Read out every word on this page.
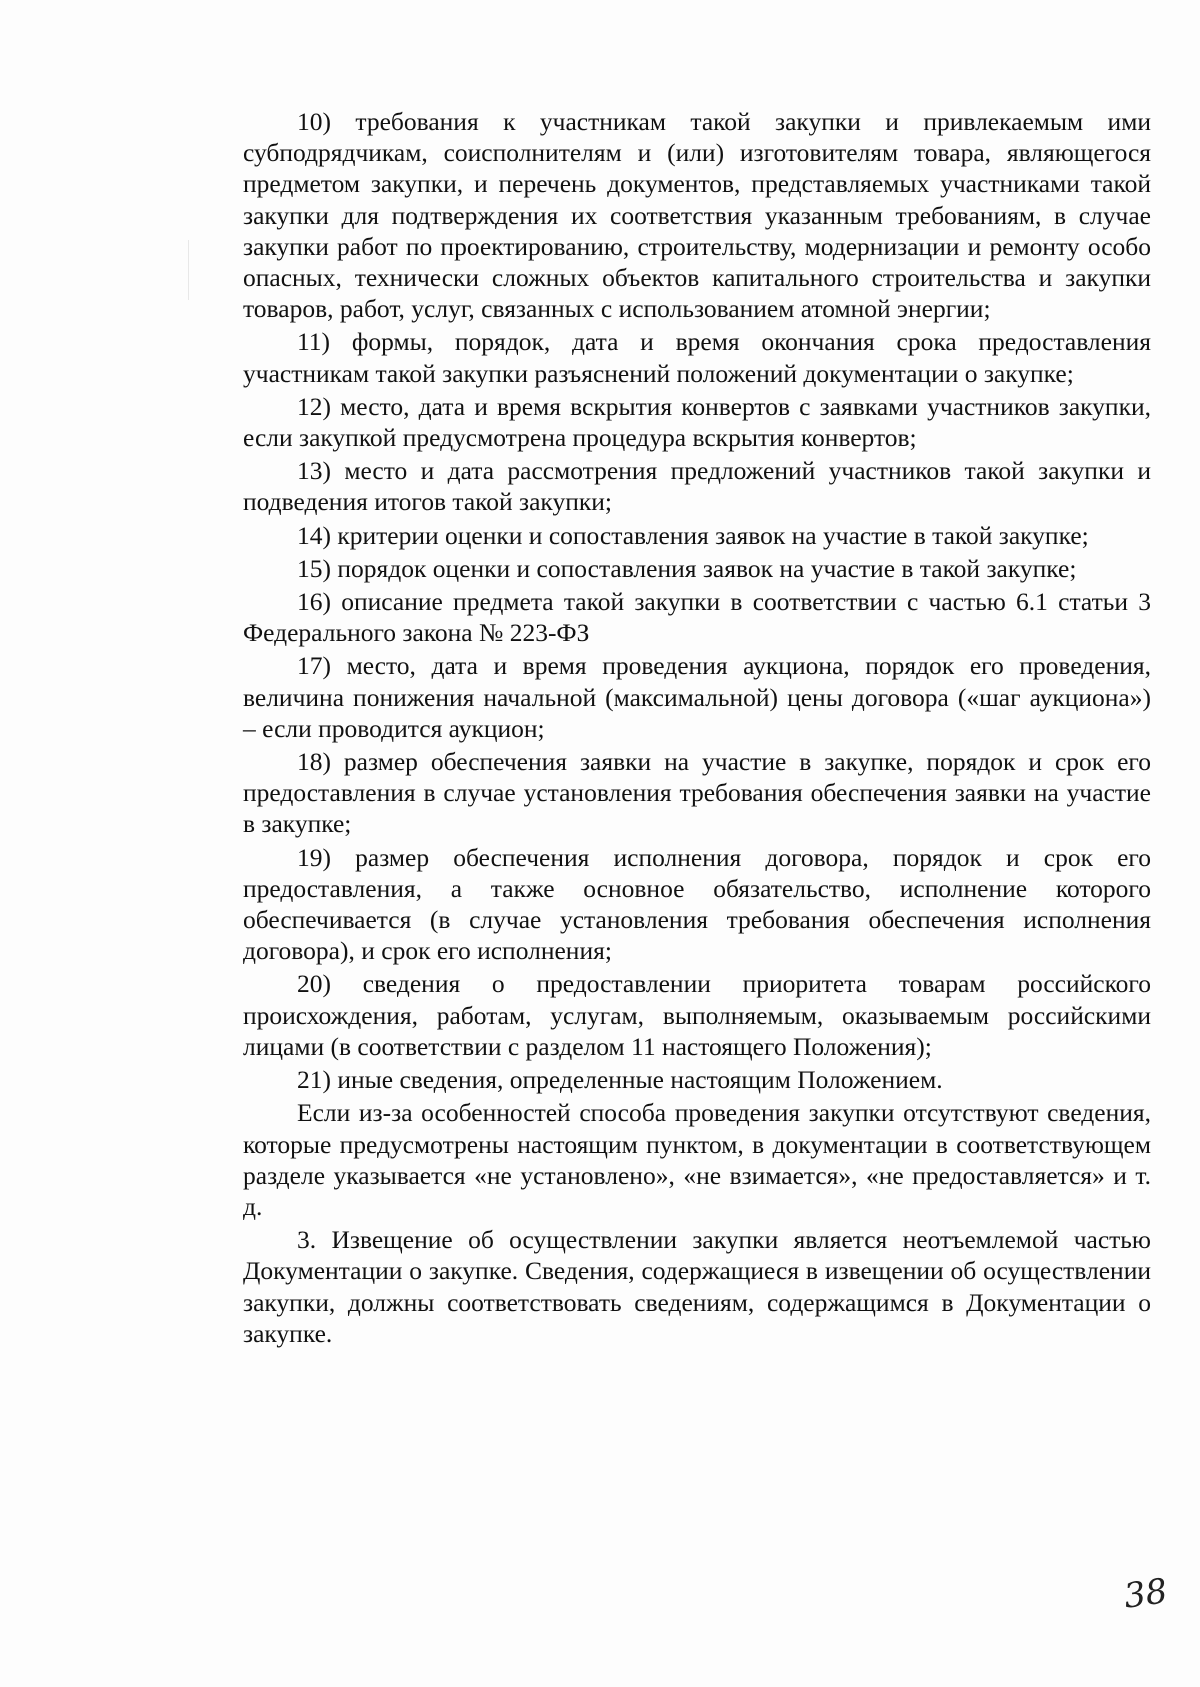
10) требования к участникам такой закупки и привлекаемым ими субподрядчикам, соисполнителям и (или) изготовителям товара, являющегося предметом закупки, и перечень документов, представляемых участниками такой закупки для подтверждения их соответствия указанным требованиям, в случае закупки работ по проектированию, строительству, модернизации и ремонту особо опасных, технически сложных объектов капитального строительства и закупки товаров, работ, услуг, связанных с использованием атомной энергии;

11) формы, порядок, дата и время окончания срока предоставления участникам такой закупки разъяснений положений документации о закупке;

12) место, дата и время вскрытия конвертов с заявками участников закупки, если закупкой предусмотрена процедура вскрытия конвертов;

13) место и дата рассмотрения предложений участников такой закупки и подведения итогов такой закупки;

14) критерии оценки и сопоставления заявок на участие в такой закупке;

15) порядок оценки и сопоставления заявок на участие в такой закупке;

16) описание предмета такой закупки в соответствии с частью 6.1 статьи 3 Федерального закона № 223-ФЗ

17) место, дата и время проведения аукциона, порядок его проведения, величина понижения начальной (максимальной) цены договора («шаг аукциона») – если проводится аукцион;

18) размер обеспечения заявки на участие в закупке, порядок и срок его предоставления в случае установления требования обеспечения заявки на участие в закупке;

19) размер обеспечения исполнения договора, порядок и срок его предоставления, а также основное обязательство, исполнение которого обеспечивается (в случае установления требования обеспечения исполнения договора), и срок его исполнения;

20) сведения о предоставлении приоритета товарам российского происхождения, работам, услугам, выполняемым, оказываемым российскими лицами (в соответствии с разделом 11 настоящего Положения);

21) иные сведения, определенные настоящим Положением.

Если из-за особенностей способа проведения закупки отсутствуют сведения, которые предусмотрены настоящим пунктом, в документации в соответствующем разделе указывается «не установлено», «не взимается», «не предоставляется» и т. д.

3. Извещение об осуществлении закупки является неотъемлемой частью Документации о закупке. Сведения, содержащиеся в извещении об осуществлении закупки, должны соответствовать сведениям, содержащимся в Документации о закупке.

38
